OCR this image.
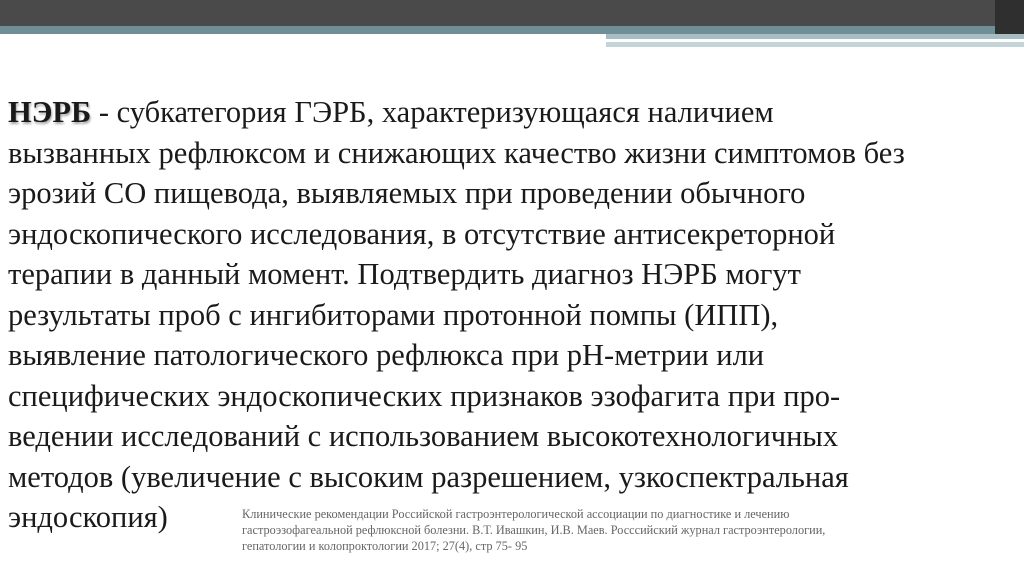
НЭРБ - субкатегория ГЭРБ, характеризующаяся наличием
вызванных рефлюксом и снижающих качество жизни симптомов без
эрозий СО пищевода, выявляемых при проведении обычного
эндоскопического исследования, в отсутствие антисекреторной
терапии в данный момент. Подтвердить диагноз НЭРБ могут
результаты проб с ингибиторами протонной помпы (ИПП),
выявление патологического рефлюкса при рН-метрии или
специфических эндоскопических признаков эзофагита при про-
ведении исследований с использованием высокотехнологичных
методов (увеличение с высоким разрешением, узкоспектральная
эндоскопия)	Клинические рекомендации Российской гастроэнтерологической ассоциации по диагностике и лечению
гастроэзофагеальной рефлюксной болезни. В.Т. Ивашкин, И.В. Маев. Росссийский журнал гастроэнтерологии,
гепатологии и колопроктологии 2017; 27(4), стр 75- 95
